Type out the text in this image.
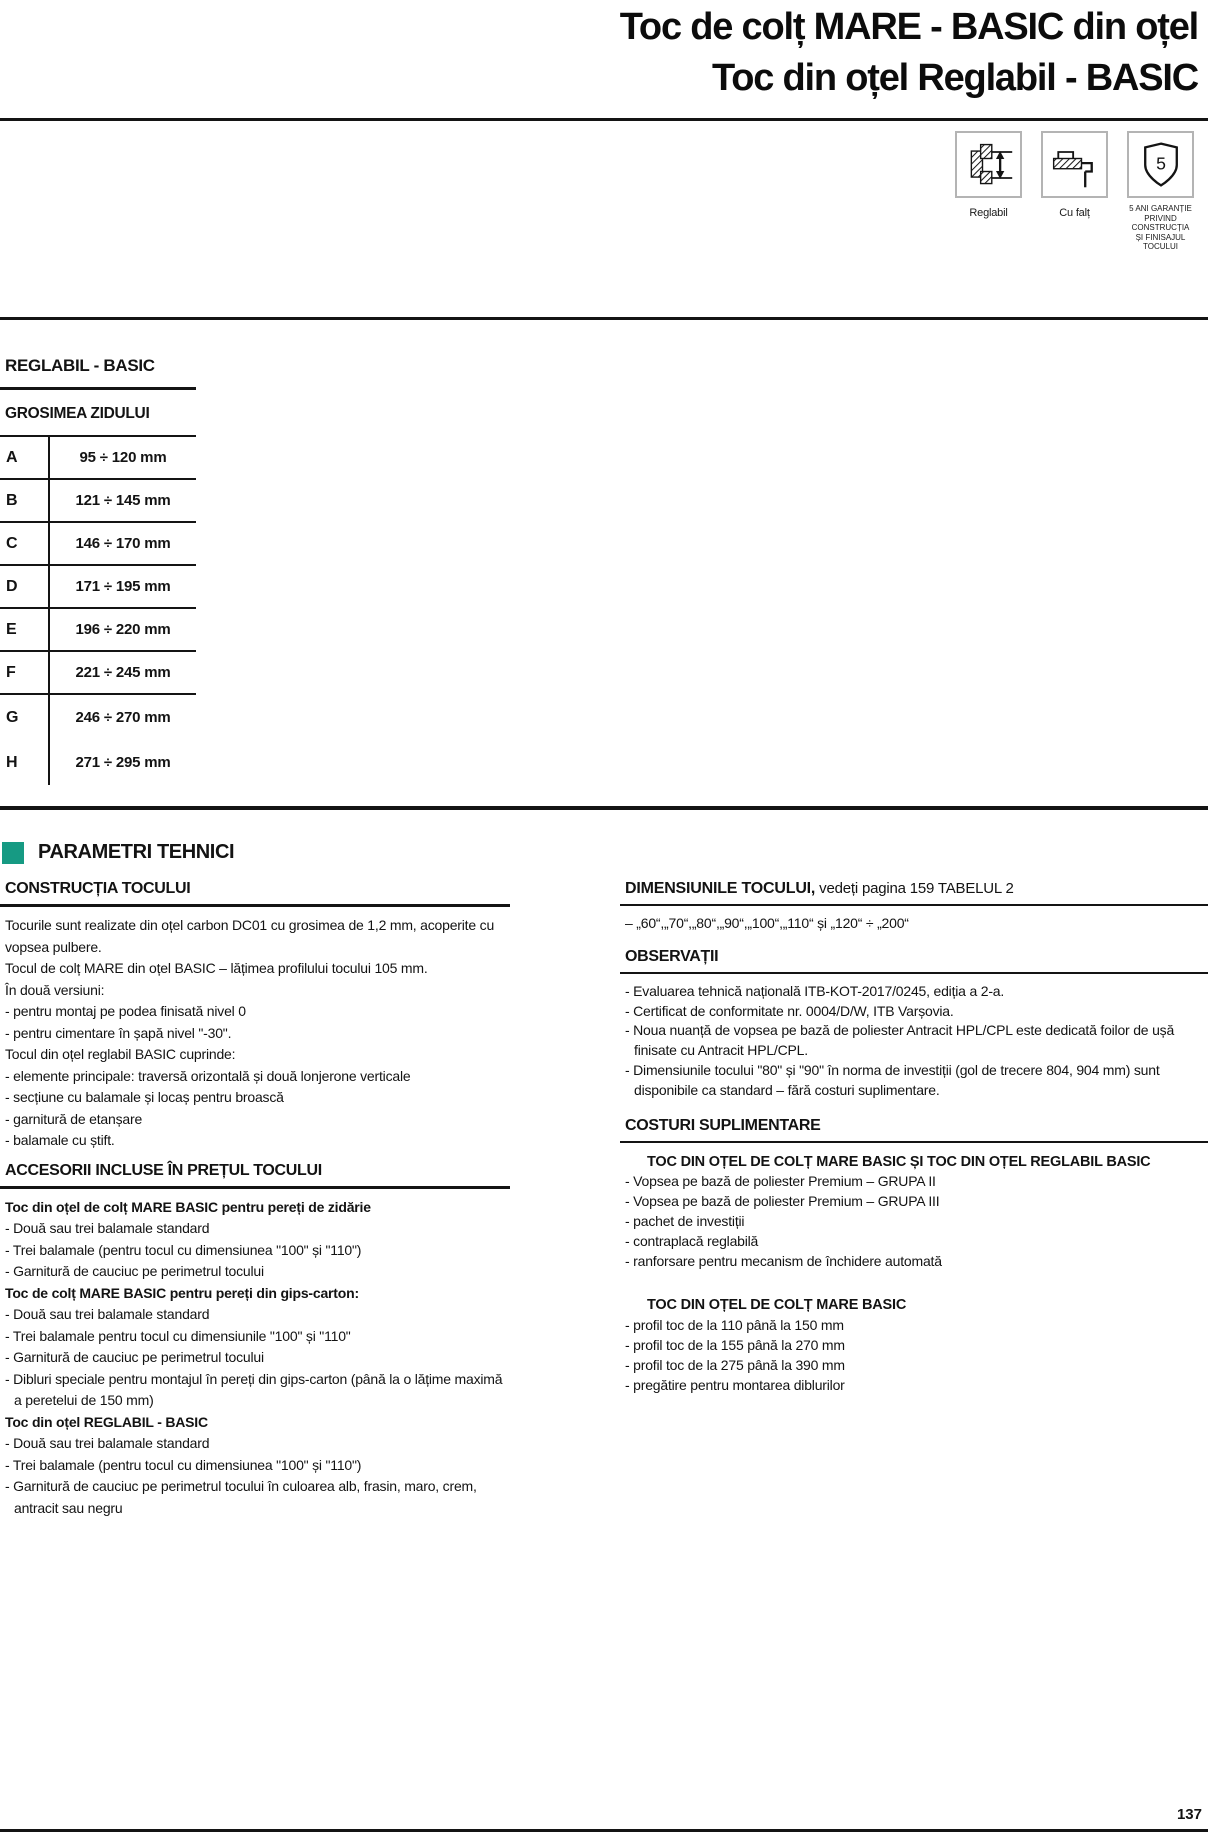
Toc de colț MARE - BASIC din oțel
Toc din oțel Reglabil - BASIC
Reglabil	Cu falț
5
5 ANI GARANȚIE PRIVIND CONSTRUCȚIA ȘI FINISAJUL TOCULUI
REGLABIL - BASIC
GROSIMEA ZIDULUI
A	95 ÷ 120 mm
B	121 ÷ 145 mm
C	146 ÷ 170 mm
D	171 ÷ 195 mm
E	196 ÷ 220 mm
F	221 ÷ 245 mm
G	246 ÷ 270 mm
H	271 ÷ 295 mm
PARAMETRI TEHNICI
CONSTRUCȚIA TOCULUI
Tocurile sunt realizate din oțel carbon DC01 cu grosimea de 1,2 mm, acoperite cu vopsea pulbere.
Tocul de colț MARE din oțel BASIC – lățimea profilului tocului 105 mm.
În două versiuni:
- pentru montaj pe podea finisată nivel 0
- pentru cimentare în șapă nivel "-30".
Tocul din oțel reglabil BASIC cuprinde:
- elemente principale: traversă orizontală și două lonjerone verticale
- secțiune cu balamale și locaș pentru broască
- garnitură de etanșare
- balamale cu știft.
ACCESORII INCLUSE ÎN PREȚUL TOCULUI
Toc din oțel de colț MARE BASIC pentru pereți de zidărie
- Două sau trei balamale standard
- Trei balamale (pentru tocul cu dimensiunea "100" și "110")
- Garnitură de cauciuc pe perimetrul tocului
Toc de colț MARE BASIC pentru pereți din gips-carton:
- Două sau trei balamale standard
- Trei balamale pentru tocul cu dimensiunile "100" și "110"
- Garnitură de cauciuc pe perimetrul tocului
- Dibluri speciale pentru montajul în pereți din gips-carton (până la o lățime maximă a peretelui de 150 mm)
Toc din oțel REGLABIL - BASIC
- Două sau trei balamale standard
- Trei balamale (pentru tocul cu dimensiunea "100" și "110")
- Garnitură de cauciuc pe perimetrul tocului în culoarea alb, frasin, maro, crem, antracit sau negru
DIMENSIUNILE TOCULUI, vedeți pagina 159 TABELUL 2
– „60“,„70“,„80“,„90“,„100“,„110“ și „120“ ÷ „200“
OBSERVAȚII
- Evaluarea tehnică națională ITB-KOT-2017/0245, ediția a 2-a.
- Certificat de conformitate nr. 0004/D/W, ITB Varșovia.
- Noua nuanță de vopsea pe bază de poliester Antracit HPL/CPL este dedicată foilor de ușă finisate cu Antracit HPL/CPL.
- Dimensiunile tocului "80" și "90" în norma de investiții (gol de trecere 804, 904 mm) sunt disponibile ca standard – fără costuri suplimentare.
COSTURI SUPLIMENTARE
TOC DIN OȚEL DE COLȚ MARE BASIC ȘI TOC DIN OȚEL REGLABIL BASIC
- Vopsea pe bază de poliester Premium – GRUPA II
- Vopsea pe bază de poliester Premium – GRUPA III
- pachet de investiții
- contraplacă reglabilă
- ranforsare pentru mecanism de închidere automată
TOC DIN OȚEL DE COLȚ MARE BASIC
- profil toc de la 110 până la 150 mm
- profil toc de la 155 până la 270 mm
- profil toc de la 275 până la 390 mm
- pregătire pentru montarea diblurilor
137
